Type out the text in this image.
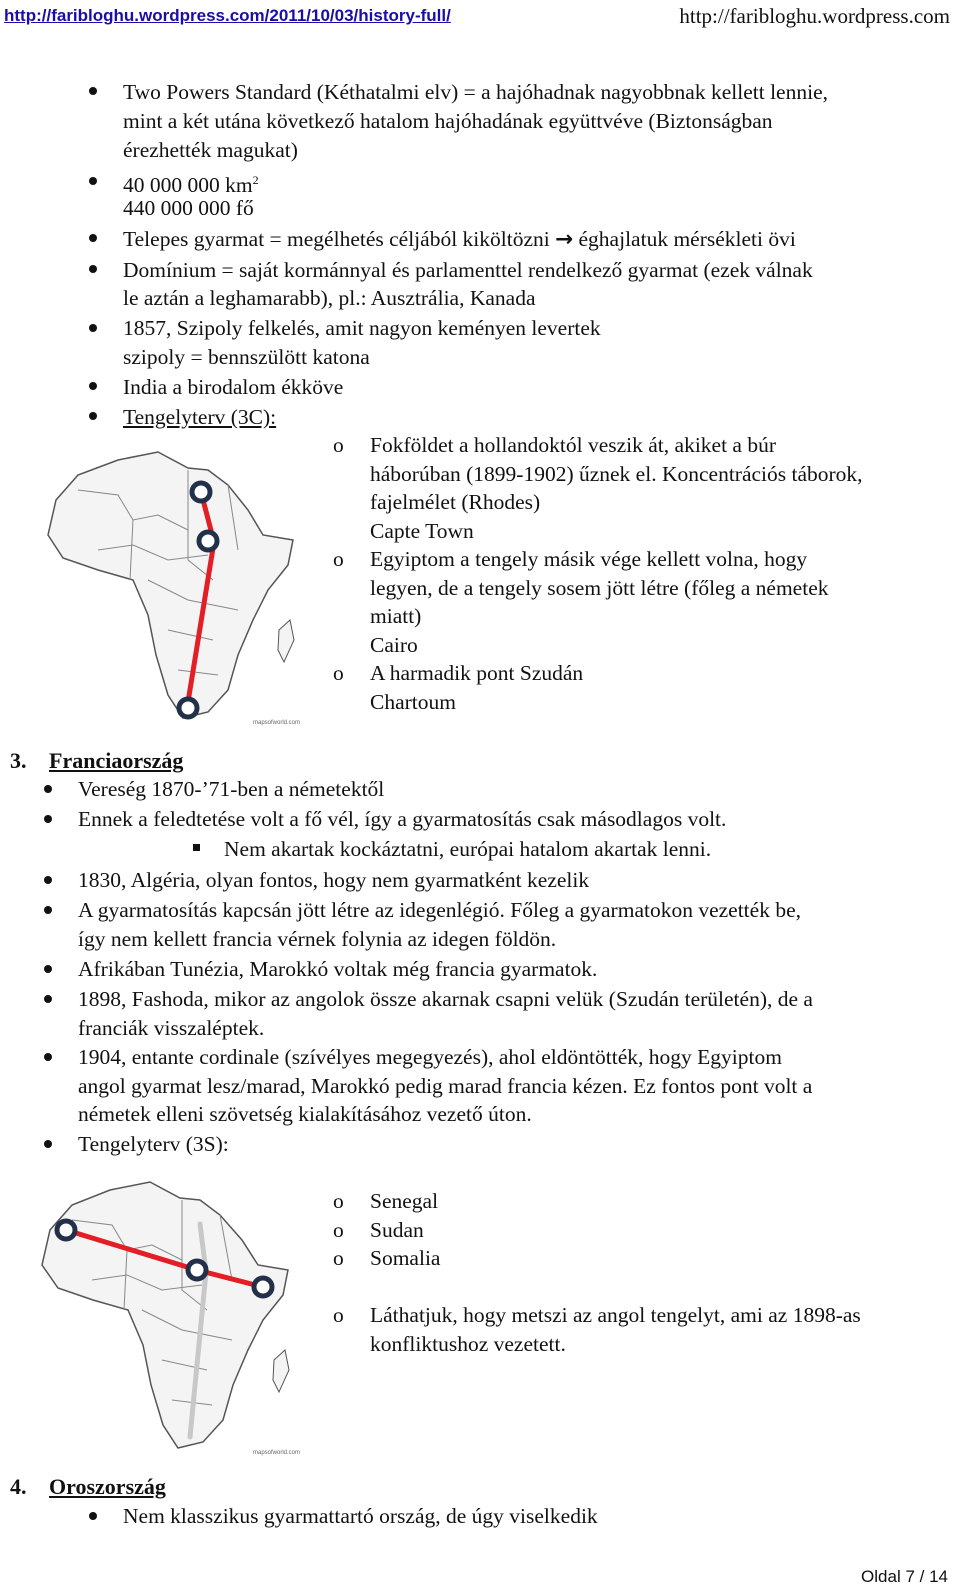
http://faribloghu.wordpress.com/2011/10/03/history-full/	http://faribloghu.wordpress.com
Two Powers Standard (Kéthatalmi elv) = a hajóhadnak nagyobbnak kellett lennie,
mint a két utána következő hatalom hajóhadának együttvéve (Biztonságban
érezhették magukat)
40 000 000 $km^2$
440 000 000 fő
Telepes gyarmat = megélhetés céljából kiköltözni → éghajlatuk mérsékleti övi
Domínium = saját kormánnyal és parlamenttel rendelkező gyarmat (ezek válnak
le aztán a leghamarabb), pl.: Ausztrália, Kanada
1857, Szipoly felkelés, amit nagyon keményen levertek
szipoly = bennszülött katona
India a birodalom ékköve
Tengelyterv (3C):
mapsofworld.com
o Fokföldet a hollandoktól veszik át, akiket a búr
háborúban (1899-1902) űznek el. Koncentrációs táborok,
fajelmélet (Rhodes)
Capte Town
o Egyiptom a tengely másik vége kellett volna, hogy
legyen, de a tengely sosem jött létre (főleg a németek
miatt)
Cairo
o A harmadik pont Szudán
Chartoum
3. Franciaország
Vereség 1870-’71-ben a németektől
Ennek a feledtetése volt a fő vél, így a gyarmatosítás csak másodlagos volt.
Nem akartak kockáztatni, európai hatalom akartak lenni.
1830, Algéria, olyan fontos, hogy nem gyarmatként kezelik
A gyarmatosítás kapcsán jött létre az idegenlégió. Főleg a gyarmatokon vezették be,
így nem kellett francia vérnek folynia az idegen földön.
Afrikában Tunézia, Marokkó voltak még francia gyarmatok.
1898, Fashoda, mikor az angolok össze akarnak csapni velük (Szudán területén), de a
franciák visszaléptek.
1904, entante cordinale (szívélyes megegyezés), ahol eldöntötték, hogy Egyiptom
angol gyarmat lesz/marad, Marokkó pedig marad francia kézen. Ez fontos pont volt a
németek elleni szövetség kialakításához vezető úton.
Tengelyterv (3S):
mapsofworld.com
o Senegal
o Sudan
o Somalia
o Láthatjuk, hogy metszi az angol tengelyt, ami az 1898-as
konfliktushoz vezetett.
4. Oroszország
Nem klasszikus gyarmattartó ország, de úgy viselkedik
Oldal 7 / 14
